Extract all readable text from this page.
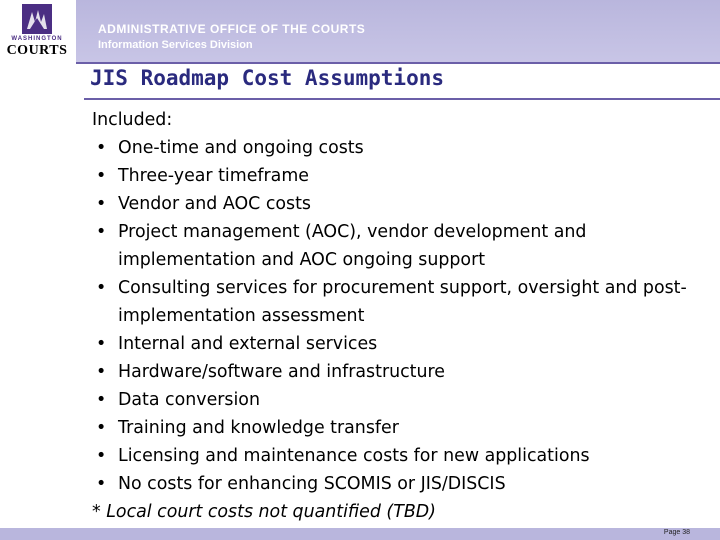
WASHINGTON
COURTS
ADMINISTRATIVE OFFICE OF THE COURTS
Information Services Division
JIS Roadmap Cost Assumptions
Included:
• One-time and ongoing costs
• Three-year timeframe
• Vendor and AOC costs
• Project management (AOC), vendor development and implementation and AOC ongoing support
• Consulting services for procurement support, oversight and post-implementation assessment
• Internal and external services
• Hardware/software and infrastructure
• Data conversion
• Training and knowledge transfer
• Licensing and maintenance costs for new applications
• No costs for enhancing SCOMIS or JIS/DISCIS
* Local court costs not quantified (TBD)
Page 38
